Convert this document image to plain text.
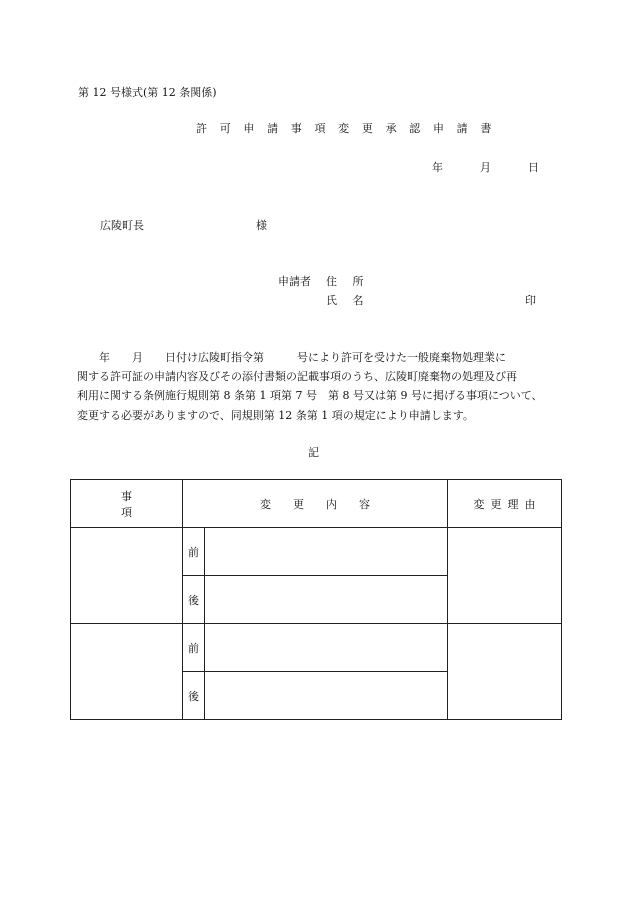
第 12 号様式(第 12 条関係)
許 可 申 請 事 項 変 更 承 認 申 請 書
年	月	日
広陵町長	様
申請者 住 所
氏 名	印

　　年　　月　　日付け広陵町指令第　　　号により許可を受けた一般廃棄物処理業に

関する許可証の申請内容及びその添付書類の記載事項のうち、広陵町廃棄物の処理及び再

利用に関する条例施行規則第 8 条第 1 項第 7 号　第 8 号又は第 9 号に掲げる事項について、

変更する必要がありますので、同規則第 12 条第 1 項の規定により申請します。

記
事項	変更内容		変更理由
	前		
	後		
	前		
	後		
